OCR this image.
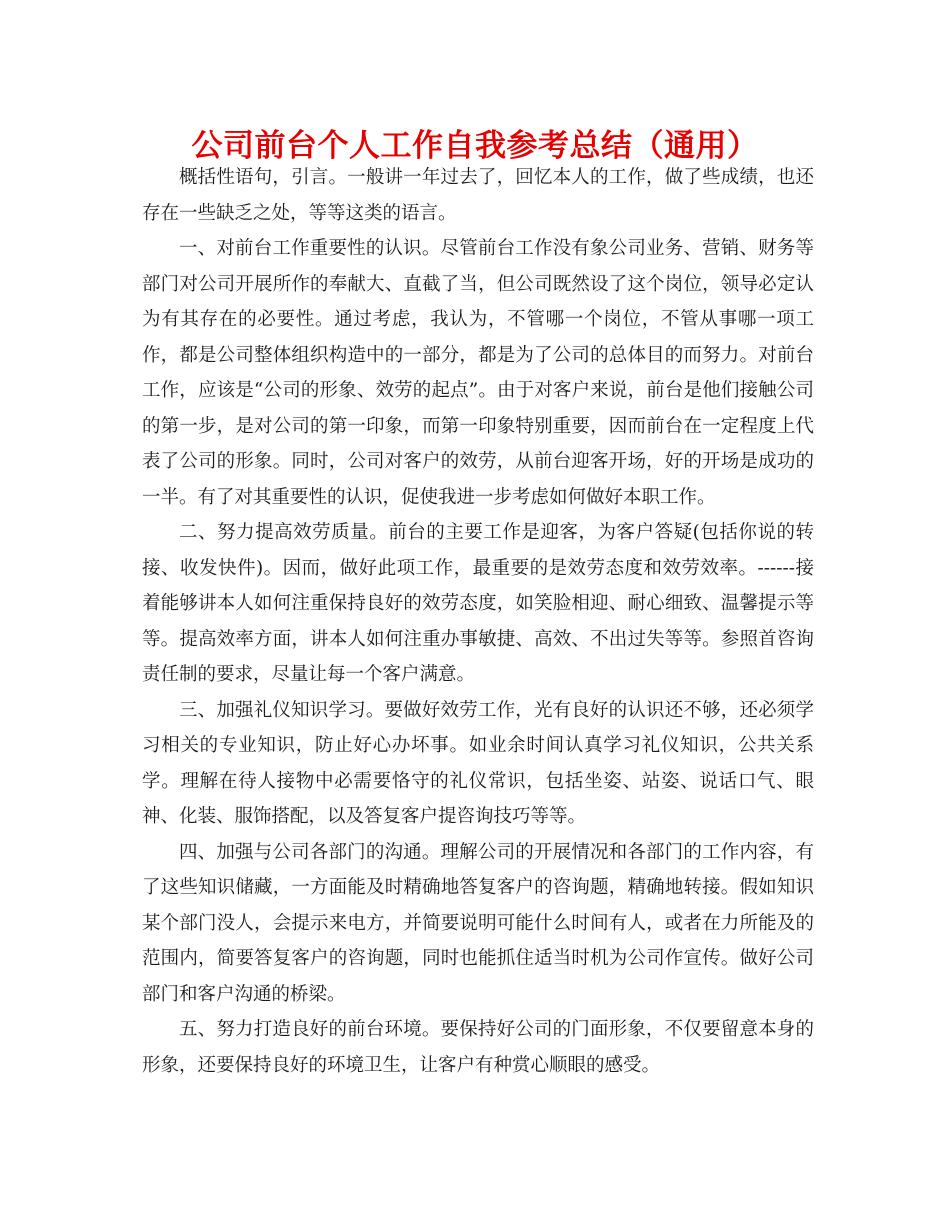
公司前台个人工作自我参考总结（通用）

概括性语句，引言。一般讲一年过去了，回忆本人的工作，做了些成绩，也还存在一些缺乏之处，等等这类的语言。

一、对前台工作重要性的认识。尽管前台工作没有象公司业务、营销、财务等部门对公司开展所作的奉献大、直截了当，但公司既然设了这个岗位，领导必定认为有其存在的必要性。通过考虑，我认为，不管哪一个岗位，不管从事哪一项工作，都是公司整体组织构造中的一部分，都是为了公司的总体目的而努力。对前台工作，应该是“公司的形象、效劳的起点”。由于对客户来说，前台是他们接触公司的第一步，是对公司的第一印象，而第一印象特别重要，因而前台在一定程度上代表了公司的形象。同时，公司对客户的效劳，从前台迎客开场，好的开场是成功的一半。有了对其重要性的认识，促使我进一步考虑如何做好本职工作。

二、努力提高效劳质量。前台的主要工作是迎客，为客户答疑(包括你说的转接、收发快件)。因而，做好此项工作，最重要的是效劳态度和效劳效率。------接着能够讲本人如何注重保持良好的效劳态度，如笑脸相迎、耐心细致、温馨提示等等。提高效率方面，讲本人如何注重办事敏捷、高效、不出过失等等。参照首咨询责任制的要求，尽量让每一个客户满意。

三、加强礼仪知识学习。要做好效劳工作，光有良好的认识还不够，还必须学习相关的专业知识，防止好心办坏事。如业余时间认真学习礼仪知识，公共关系学。理解在待人接物中必需要恪守的礼仪常识，包括坐姿、站姿、说话口气、眼神、化装、服饰搭配，以及答复客户提咨询技巧等等。

四、加强与公司各部门的沟通。理解公司的开展情况和各部门的工作内容，有了这些知识储藏，一方面能及时精确地答复客户的咨询题，精确地转接。假如知识某个部门没人，会提示来电方，并简要说明可能什么时间有人，或者在力所能及的范围内，简要答复客户的咨询题，同时也能抓住适当时机为公司作宣传。做好公司部门和客户沟通的桥梁。

五、努力打造良好的前台环境。要保持好公司的门面形象，不仅要留意本身的形象，还要保持良好的环境卫生，让客户有种赏心顺眼的感受。
